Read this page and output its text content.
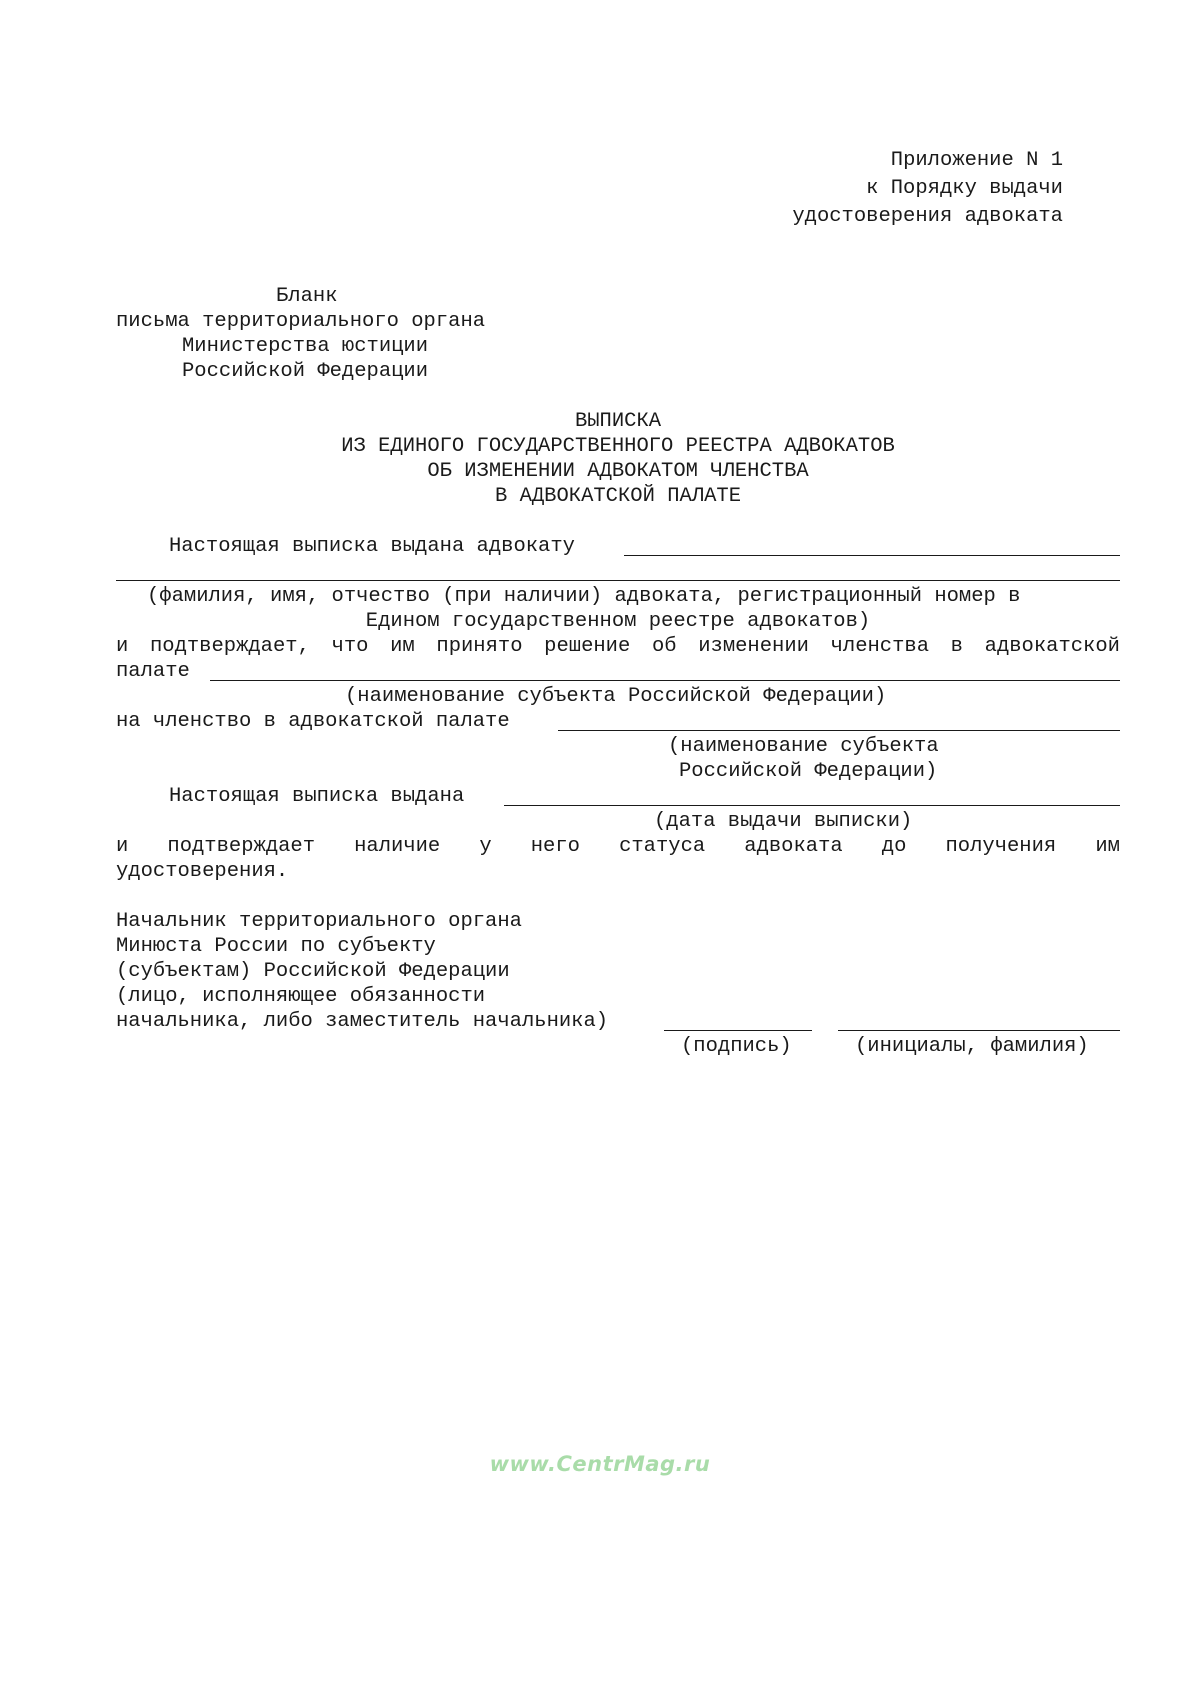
Приложение N 1
к Порядку выдачи
удостоверения адвоката
Бланк
письма территориального органа
Министерства юстиции
Российской Федерации
ВЫПИСКА
ИЗ ЕДИНОГО ГОСУДАРСТВЕННОГО РЕЕСТРА АДВОКАТОВ
ОБ ИЗМЕНЕНИИ АДВОКАТОМ ЧЛЕНСТВА
В АДВОКАТСКОЙ ПАЛАТЕ
Настоящая выписка выдана адвокату
(фамилия, имя, отчество (при наличии) адвоката, регистрационный номер в
Едином государственном реестре адвокатов)
и подтверждает, что им принято решение об изменении членства в адвокатской
палате
(наименование субъекта Российской Федерации)
на членство в адвокатской палате
(наименование субъекта
Российской Федерации)
Настоящая выписка выдана
(дата выдачи выписки)
и подтверждает наличие у него статуса адвоката до получения им
удостоверения.
Начальник территориального органа
Минюста России по субъекту
(субъектам) Российской Федерации
(лицо, исполняющее обязанности
начальника, либо заместитель начальника)
(подпись)	(инициалы, фамилия)
www.CentrMag.ru
